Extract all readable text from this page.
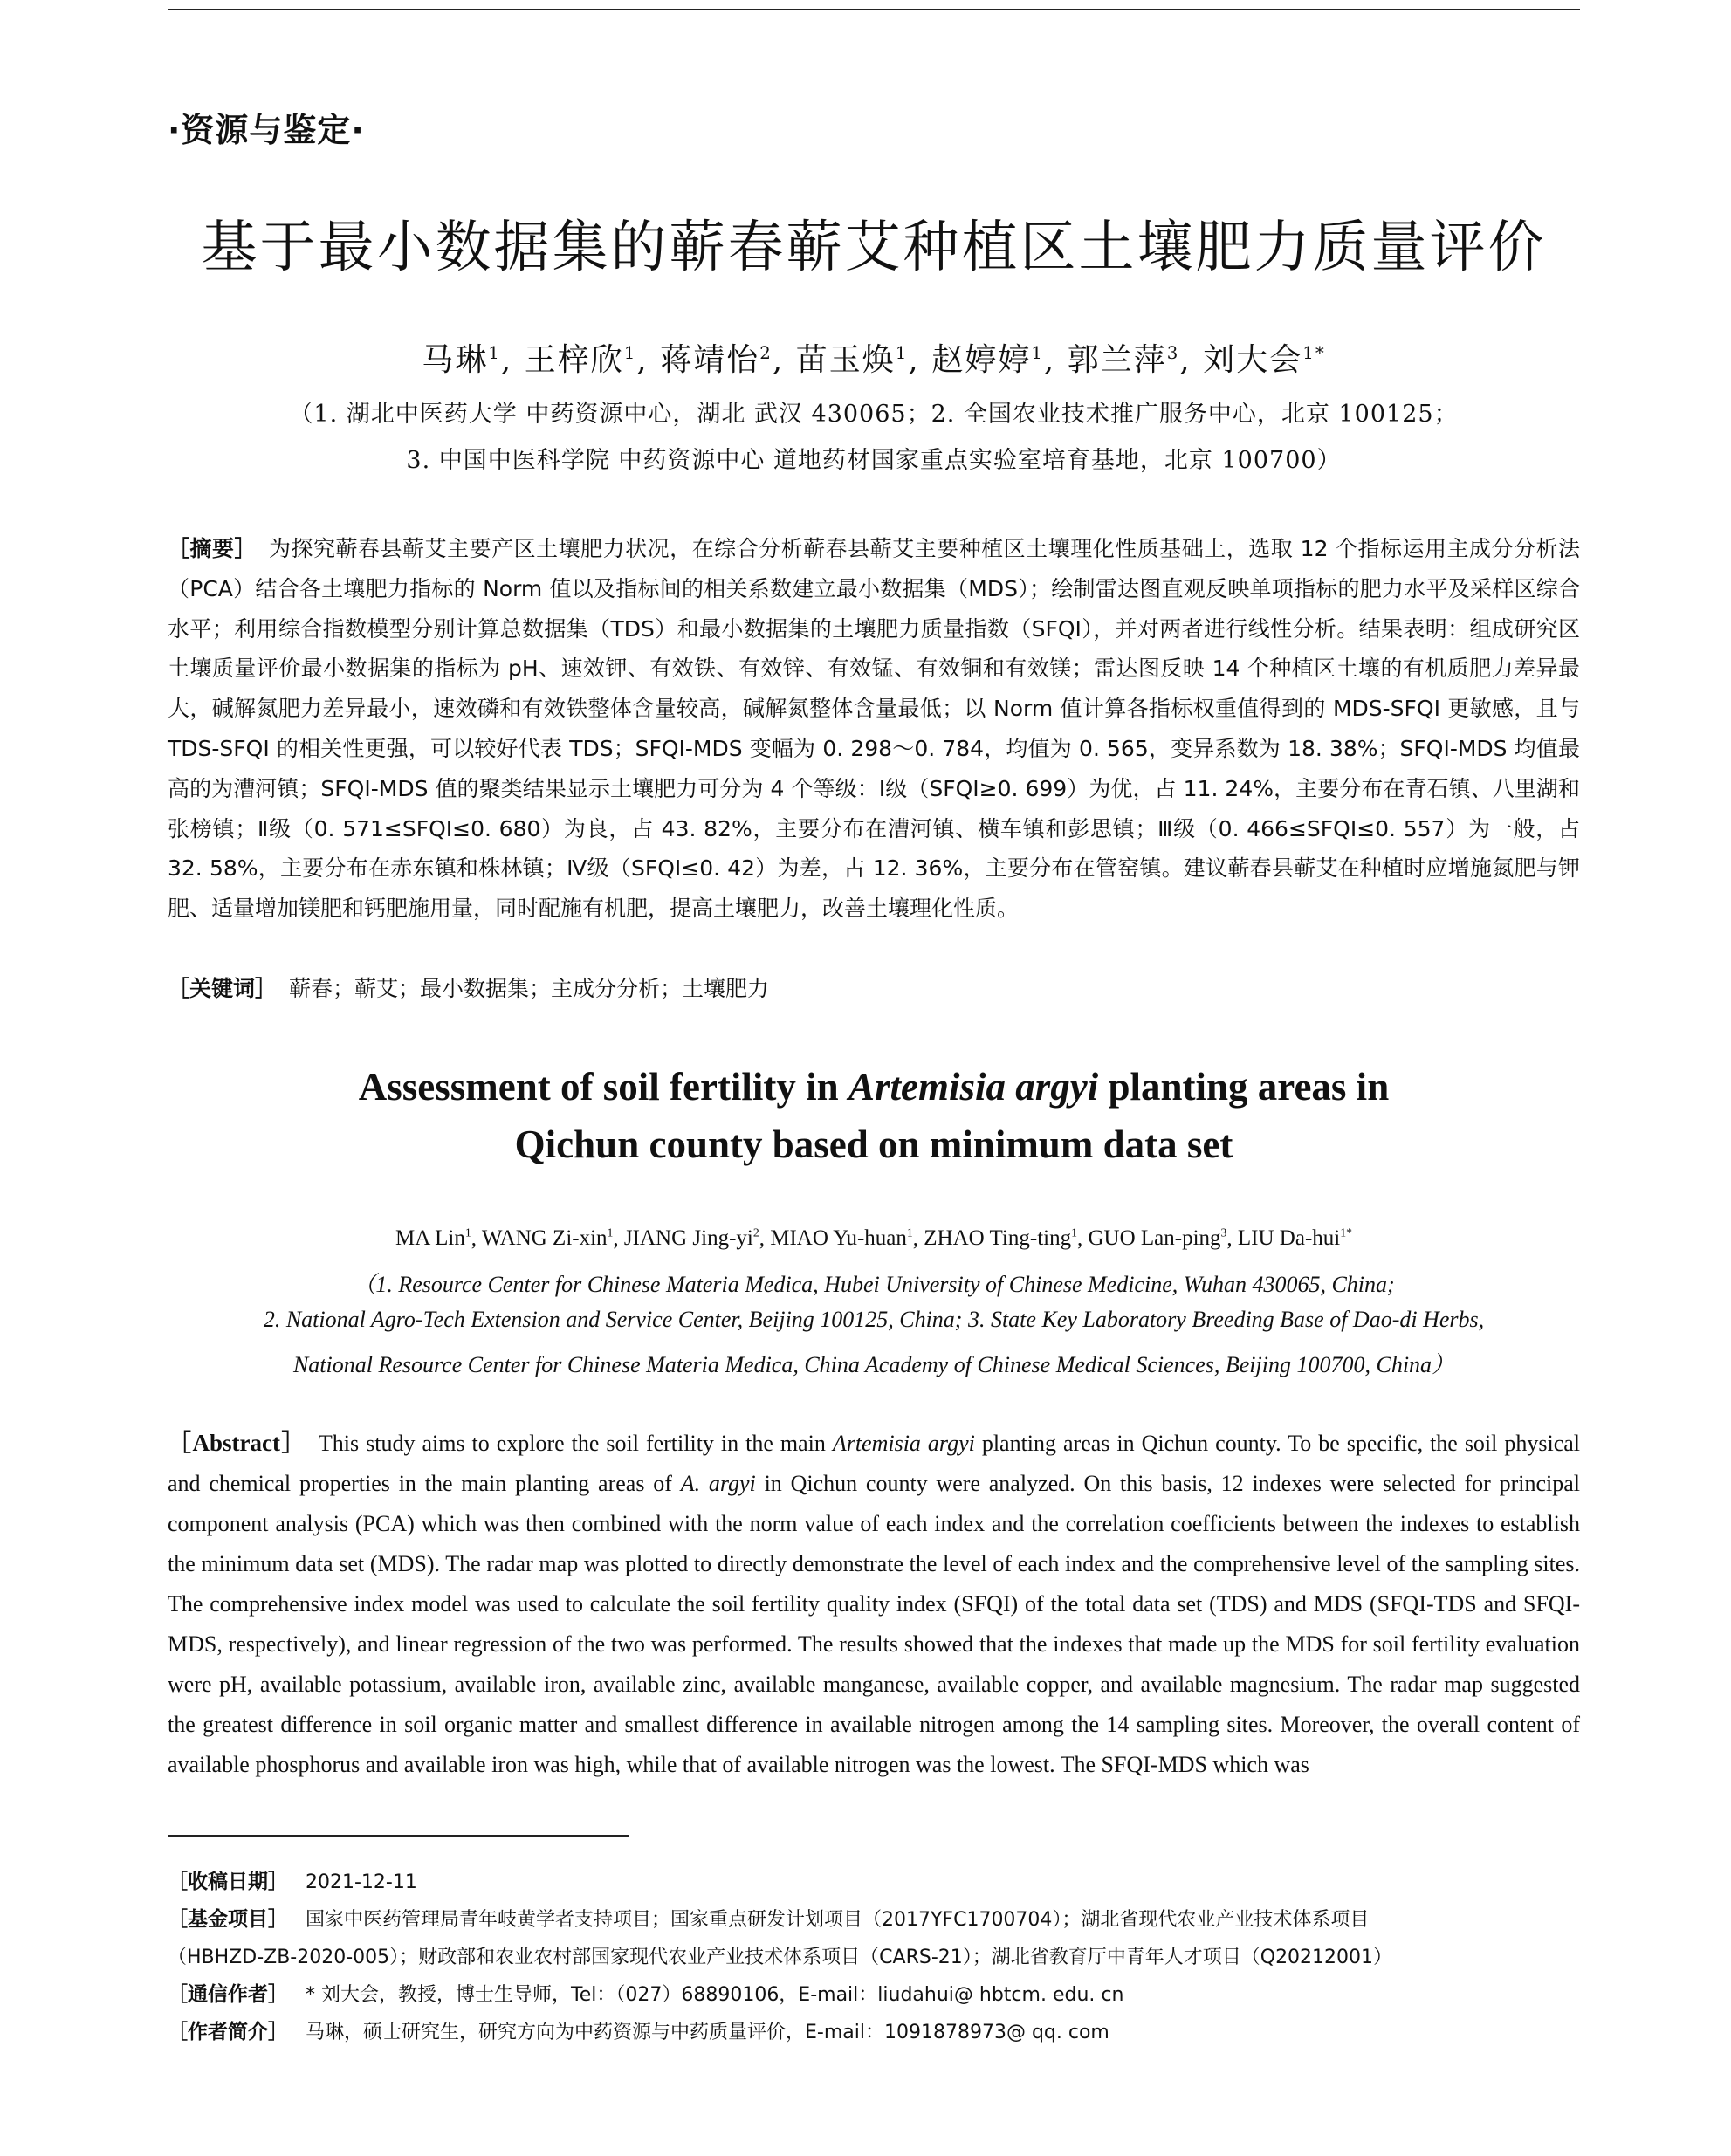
·资源与鉴定·
基于最小数据集的蕲春蕲艾种植区土壤肥力质量评价
马琳$^1$, 王梓欣$^1$, 蒋靖怡$^2$, 苗玉焕$^1$, 赵婷婷$^1$, 郭兰萍$^3$, 刘大会$^{1*}$
（1. 湖北中医药大学 中药资源中心，湖北 武汉 430065；2. 全国农业技术推广服务中心，北京 100125；
3. 中国中医科学院 中药资源中心 道地药材国家重点实验室培育基地，北京 100700）
［摘要］ 为探究蕲春县蕲艾主要产区土壤肥力状况，在综合分析蕲春县蕲艾主要种植区土壤理化性质基础上，选取 12 个指标运用主成分分析法（PCA）结合各土壤肥力指标的 Norm 值以及指标间的相关系数建立最小数据集（MDS）；绘制雷达图直观反映单项指标的肥力水平及采样区综合水平；利用综合指数模型分别计算总数据集（TDS）和最小数据集的土壤肥力质量指数（SFQI），并对两者进行线性分析。结果表明：组成研究区土壤质量评价最小数据集的指标为 pH、速效钾、有效铁、有效锌、有效锰、有效铜和有效镁；雷达图反映 14 个种植区土壤的有机质肥力差异最大，碱解氮肥力差异最小，速效磷和有效铁整体含量较高，碱解氮整体含量最低；以 Norm 值计算各指标权重值得到的 MDS-SFQI 更敏感，且与 TDS-SFQI 的相关性更强，可以较好代表 TDS；SFQI-MDS 变幅为 0. 298～0. 784，均值为 0. 565，变异系数为 18. 38%；SFQI-MDS 均值最高的为漕河镇；SFQI-MDS 值的聚类结果显示土壤肥力可分为 4 个等级：Ⅰ级（SFQI≥0. 699）为优，占 11. 24%，主要分布在青石镇、八里湖和张榜镇；Ⅱ级（0. 571≤SFQI≤0. 680）为良，占 43. 82%，主要分布在漕河镇、横车镇和彭思镇；Ⅲ级（0. 466≤SFQI≤0. 557）为一般，占 32. 58%，主要分布在赤东镇和株林镇；Ⅳ级（SFQI≤0. 42）为差，占 12. 36%，主要分布在管窑镇。建议蕲春县蕲艾在种植时应增施氮肥与钾肥、适量增加镁肥和钙肥施用量，同时配施有机肥，提高土壤肥力，改善土壤理化性质。
［关键词］ 蕲春；蕲艾；最小数据集；主成分分析；土壤肥力
Assessment of soil fertility in Artemisia argyi planting areas in
Qichun county based on minimum data set
MA Lin$^1$, WANG Zi-xin$^1$, JIANG Jing-$yi^2$, MIAO Yu-huan$^1$, ZHAO Ting-ting$^1$, GUO Lan-ping$^3$, LIU Da-hui$^{1*}$
（1. Resource Center for Chinese Materia Medica, Hubei University of Chinese Medicine, Wuhan 430065, China;
2. National Agro-Tech Extension and Service Center, Beijing 100125, China; 3. State Key Laboratory Breeding Base of Dao-di Herbs,
National Resource Center for Chinese Materia Medica, China Academy of Chinese Medical Sciences, Beijing 100700, China）
［Abstract］ This study aims to explore the soil fertility in the main Artemisia argyi planting areas in Qichun county. To be specific, the soil physical and chemical properties in the main planting areas of A. argyi in Qichun county were analyzed. On this basis, 12 indexes were selected for principal component analysis (PCA) which was then combined with the norm value of each index and the correlation coefficients between the indexes to establish the minimum data set (MDS). The radar map was plotted to directly demonstrate the level of each index and the comprehensive level of the sampling sites. The comprehensive index model was used to calculate the soil fertility quality index (SFQI) of the total data set (TDS) and MDS (SFQI-TDS and SFQI-MDS, respectively), and linear regression of the two was performed. The results showed that the indexes that made up the MDS for soil fertility evaluation were pH, available potassium, available iron, available zinc, available manganese, available copper, and available magnesium. The radar map suggested the greatest difference in soil organic matter and smallest difference in available nitrogen among the 14 sampling sites. Moreover, the overall content of available phosphorus and available iron was high, while that of available nitrogen was the lowest. The SFQI-MDS which was
［收稿日期］ 2021-12-11
［基金项目］ 国家中医药管理局青年岐黄学者支持项目；国家重点研发计划项目（2017YFC1700704）；湖北省现代农业产业技术体系项目
（HBHZD-ZB-2020-005）；财政部和农业农村部国家现代农业产业技术体系项目（CARS-21）；湖北省教育厅中青年人才项目（Q20212001）
［通信作者］ * 刘大会，教授，博士生导师，Tel：（027）68890106，E-mail：liudahui@ hbtcm. edu. cn
［作者简介］ 马琳，硕士研究生，研究方向为中药资源与中药质量评价，E-mail：1091878973@ qq. com
